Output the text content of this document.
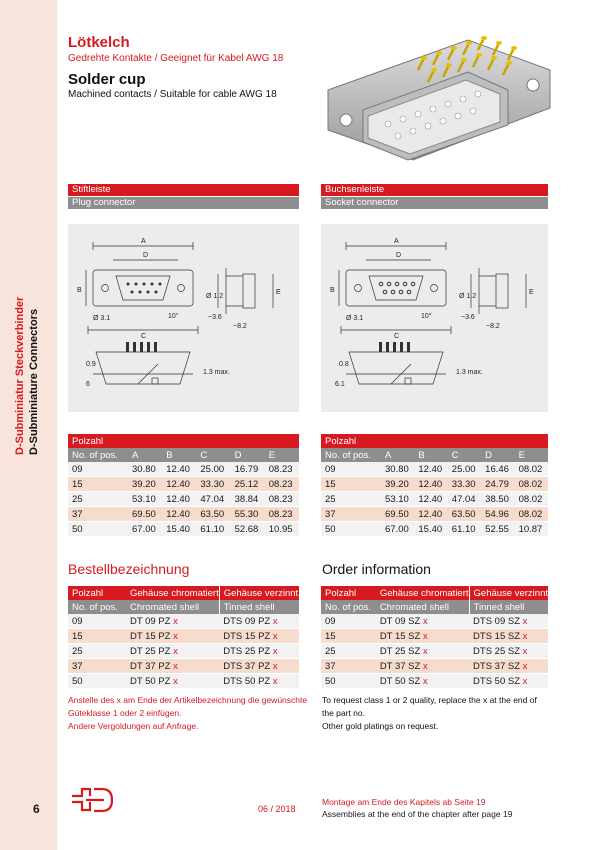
D-Subminiatur Steckverbinder D-Subminiature Connectors
Lötkelch
Gedrehte Kontakte / Geeignet für Kabel AWG 18
Solder cup
Machined contacts / Suitable for cable AWG 18
Stiftleiste
Plug connector
Buchsenleiste
Socket connector
A
D
B
Ø 3.1	10°
Ø 1.2
E
~3.6
~8.2
C
0.9
6
1.3 max.
A
D
B
Ø 3.1	10°
Ø 1.2
E
~3.6
~8.2
C
0.8
6.1
1.3 max.
Polzahl					
No. of pos.	A	B	C	D	E
09	30.80	12.40	25.00	16.79	08.23
15	39.20	12.40	33.30	25.12	08.23
25	53.10	12.40	47.04	38.84	08.23
37	69.50	12.40	63.50	55.30	08.23
50	67.00	15.40	61.10	52.68	10.95
Polzahl					
No. of pos.	A	B	C	D	E
09	30.80	12.40	25.00	16.46	08.02
15	39.20	12.40	33.30	24.79	08.02
25	53.10	12.40	47.04	38.50	08.02
37	69.50	12.40	63.50	54.96	08.02
50	67.00	15.40	61.10	52.55	10.87
Bestellbezeichnung	Order information
Polzahl	Gehäuse chromatiert	Gehäuse verzinnt
No. of pos.	Chromated shell	Tinned shell
09	DT 09 PZ x	DTS 09 PZ x
15	DT 15 PZ x	DTS 15 PZ x
25	DT 25 PZ x	DTS 25 PZ x
37	DT 37 PZ x	DTS 37 PZ x
50	DT 50 PZ x	DTS 50 PZ x
Polzahl	Gehäuse chromatiert	Gehäuse verzinnt
No. of pos.	Chromated shell	Tinned shell
09	DT 09 SZ x	DTS 09 SZ x
15	DT 15 SZ x	DTS 15 SZ x
25	DT 25 SZ x	DTS 25 SZ x
37	DT 37 SZ x	DTS 37 SZ x
50	DT 50 SZ x	DTS 50 SZ x
Anstelle des x am Ende der Artikelbezeichnung die gewünschte
Güteklasse 1 oder 2 einfügen.
Andere Vergoldungen auf Anfrage.
To request class 1 or 2 quality, replace the x at the end of
the part no.
Other gold platings on request.
6	06 / 2018
Montage am Ende des Kapitels ab Seite 19
Assemblies at the end of the chapter after page 19
